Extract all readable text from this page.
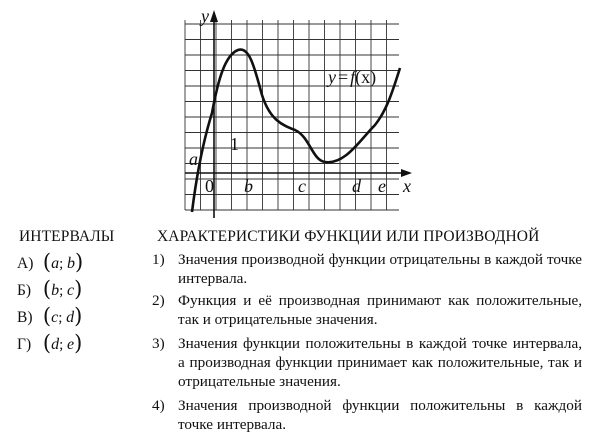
y
x
y = f(x)
0
1
a
b	c	d e
ИНТЕРВАЛЫ	ХАРАКТЕРИСТИКИ ФУНКЦИИ ИЛИ ПРОИЗВОДНОЙ
А) (a; b)
Б) (b; c)
В) (c; d)
Г) (d; e)
1) Значения производной функции отрицательны в каждой точке интервала.
2) Функция и её производная принимают как положительные, так и отрицательные значения.
3) Значения функции положительны в каждой точке интервала, а производная функции принимает как положительные, так и отрицательные значения.
4) Значения производной функции положительны в каждой точке интервала.
